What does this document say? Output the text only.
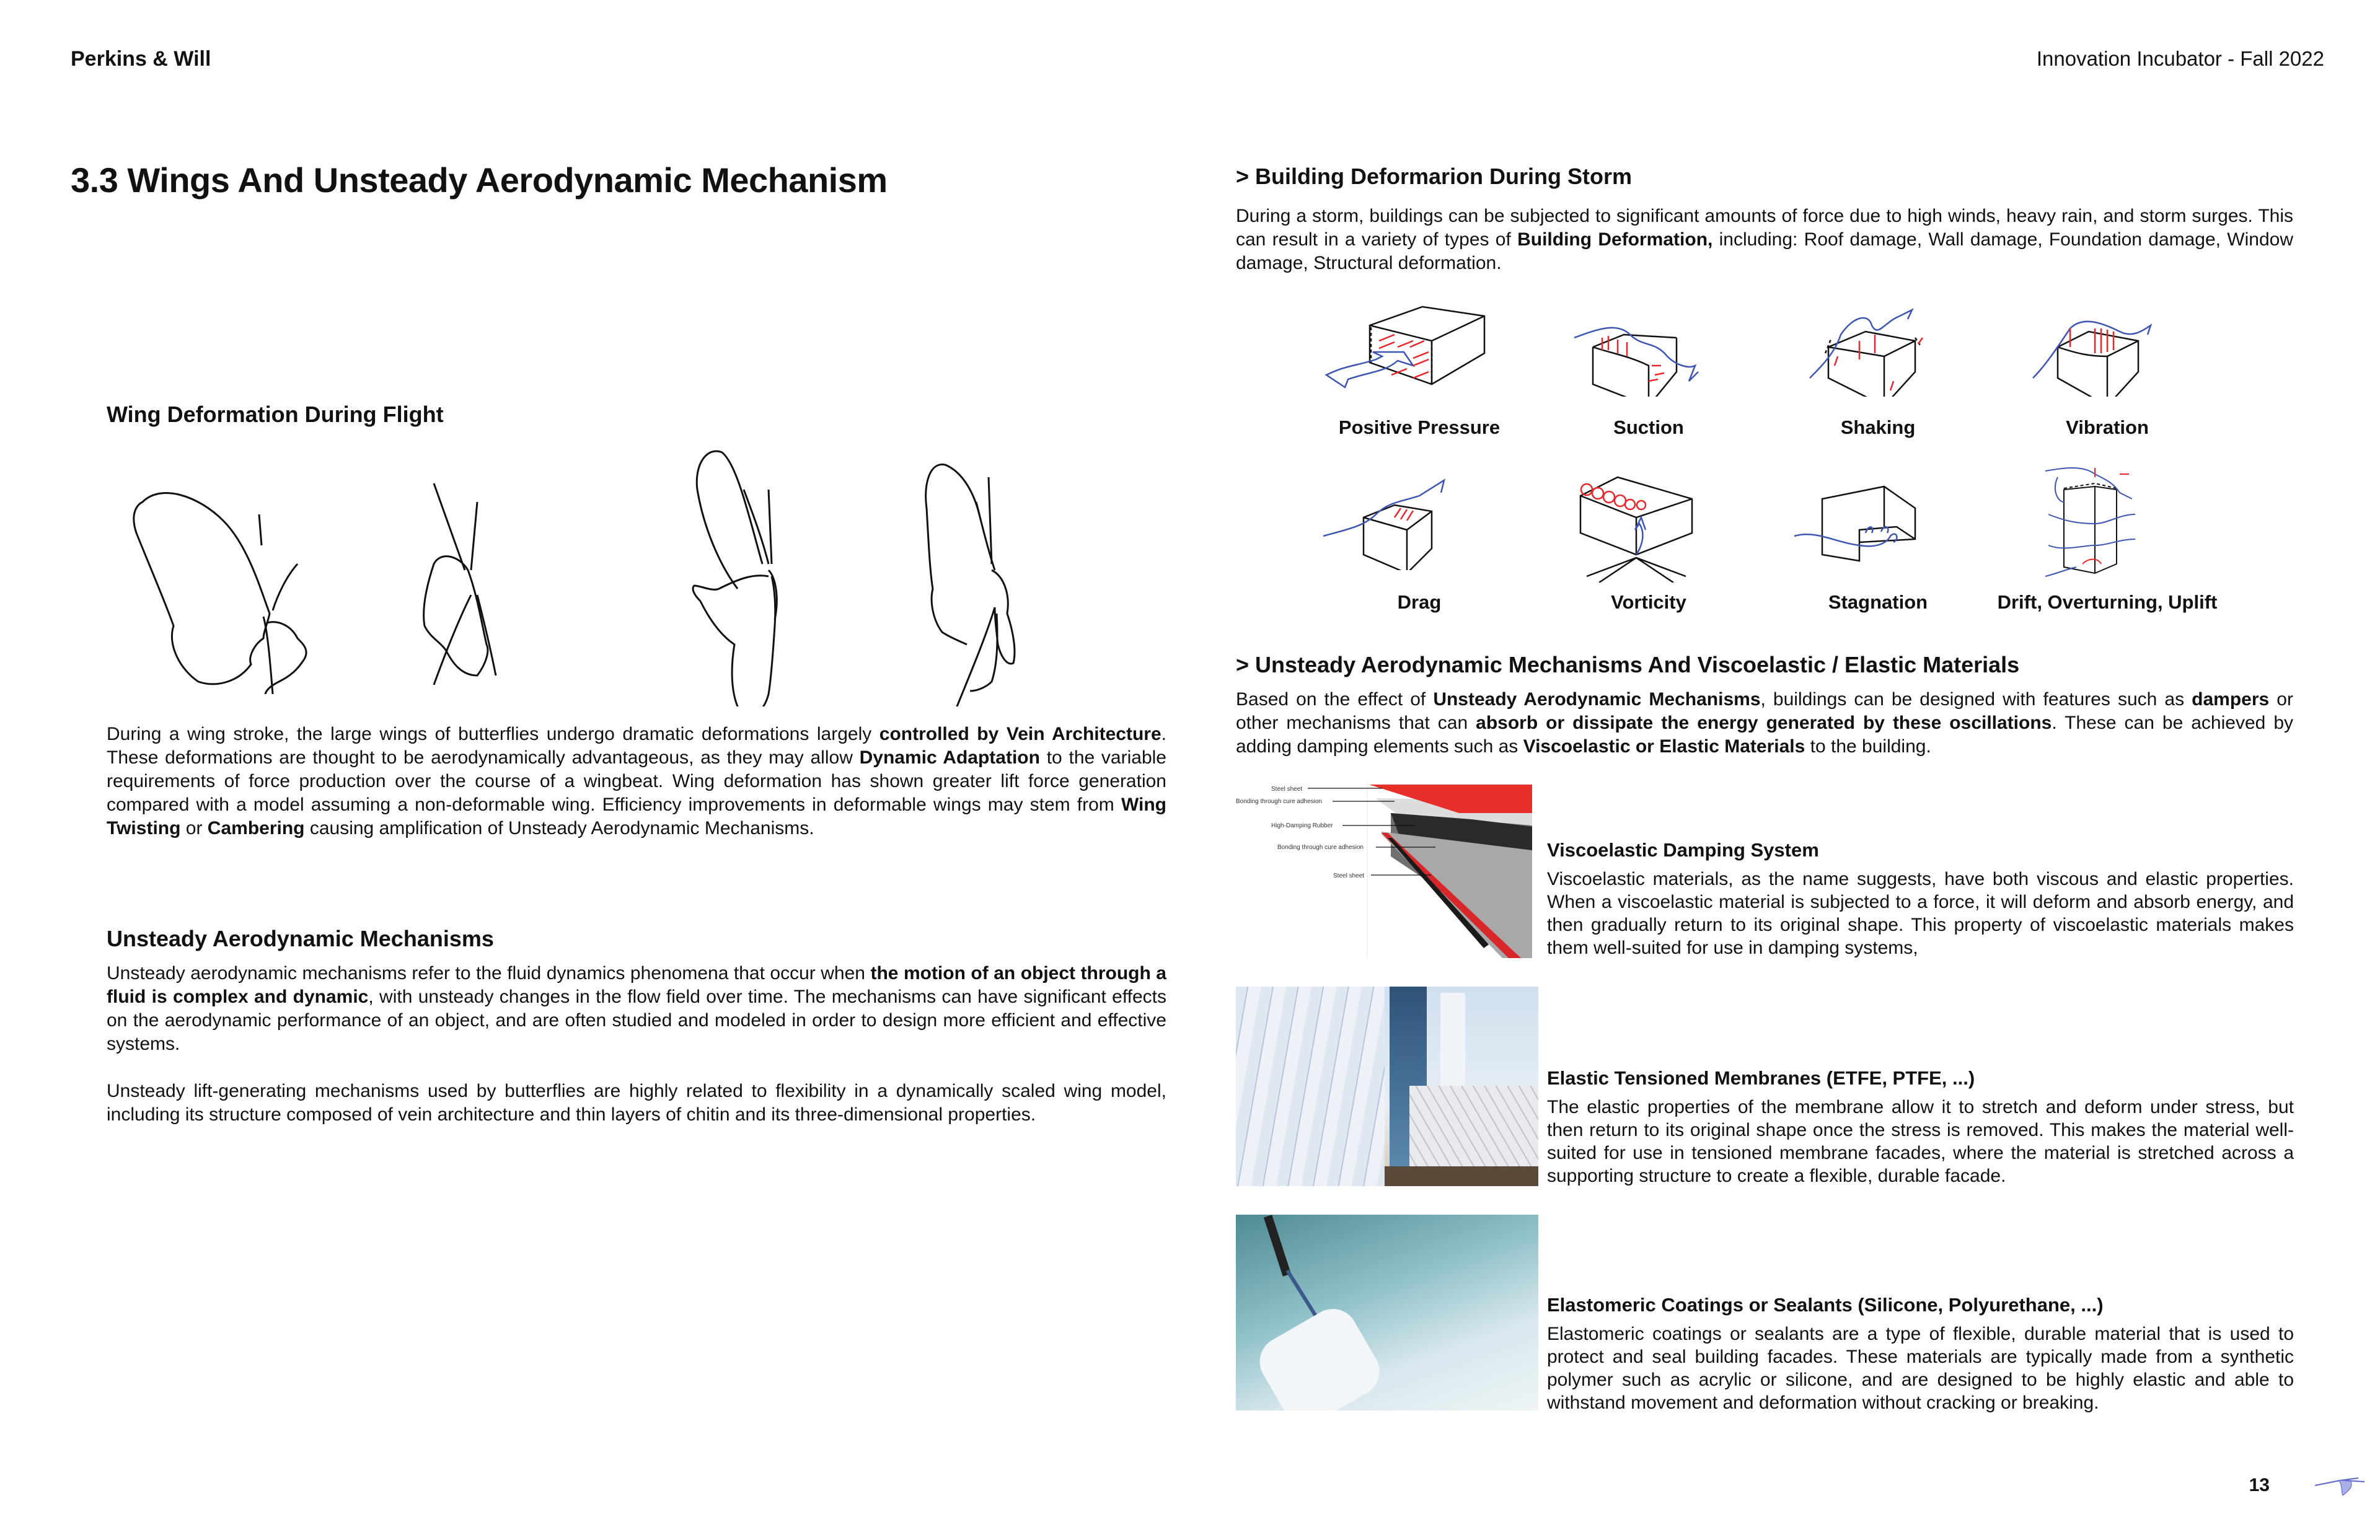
Perkins & Will	Innovation Incubator - Fall 2022
3.3 Wings And Unsteady Aerodynamic Mechanism
Wing Deformation During Flight
During a wing stroke, the large wings of butterflies undergo dramatic deformations largely controlled by Vein Architecture. These deformations are thought to be aerodynamically advantageous, as they may allow Dynamic Adaptation to the variable requirements of force production over the course of a wingbeat. Wing deformation has shown greater lift force generation compared with a model assuming a non-deformable wing. Efficiency improvements in deformable wings may stem from Wing Twisting or Cambering causing amplification of Unsteady Aerodynamic Mechanisms.
Unsteady Aerodynamic Mechanisms
Unsteady aerodynamic mechanisms refer to the fluid dynamics phenomena that occur when the motion of an object through a fluid is complex and dynamic, with unsteady changes in the flow field over time. The mechanisms can have significant effects on the aerodynamic performance of an object, and are often studied and modeled in order to design more efficient and effective systems.
Unsteady lift-generating mechanisms used by butterflies are highly related to flexibility in a dynamically scaled wing model, including its structure composed of vein architecture and thin layers of chitin and its three-dimensional properties.
> Building Deformarion During Storm
During a storm, buildings can be subjected to significant amounts of force due to high winds, heavy rain, and storm surges. This can result in a variety of types of Building Deformation, including: Roof damage, Wall damage, Foundation damage, Window damage, Structural deformation.
Positive Pressure	Suction	Shaking	Vibration
Drag	Vorticity	Stagnation	Drift, Overturning, Uplift
> Unsteady Aerodynamic Mechanisms And Viscoelastic / Elastic Materials
Based on the effect of Unsteady Aerodynamic Mechanisms, buildings can be designed with features such as dampers or other mechanisms that can absorb or dissipate the energy generated by these oscillations. These can be achieved by adding damping elements such as Viscoelastic or Elastic Materials to the building.
Steel sheet
Bonding through cure adhesion
High-Damping Rubber
Bonding through cure adhesion
Steel sheet
Viscoelastic Damping System
Viscoelastic materials, as the name suggests, have both viscous and elastic properties. When a viscoelastic material is subjected to a force, it will deform and absorb energy, and then gradually return to its original shape. This property of viscoelastic materials makes them well-suited for use in damping systems,
Elastic Tensioned Membranes (ETFE, PTFE, ...)
The elastic properties of the membrane allow it to stretch and deform under stress, but then return to its original shape once the stress is removed. This makes the material well-suited for use in tensioned membrane facades, where the material is stretched across a supporting structure to create a flexible, durable facade.
Elastomeric Coatings or Sealants (Silicone, Polyurethane, ...)
Elastomeric coatings or sealants are a type of flexible, durable material that is used to protect and seal building facades. These materials are typically made from a synthetic polymer such as acrylic or silicone, and are designed to be highly elastic and able to withstand movement and deformation without cracking or breaking.
13
